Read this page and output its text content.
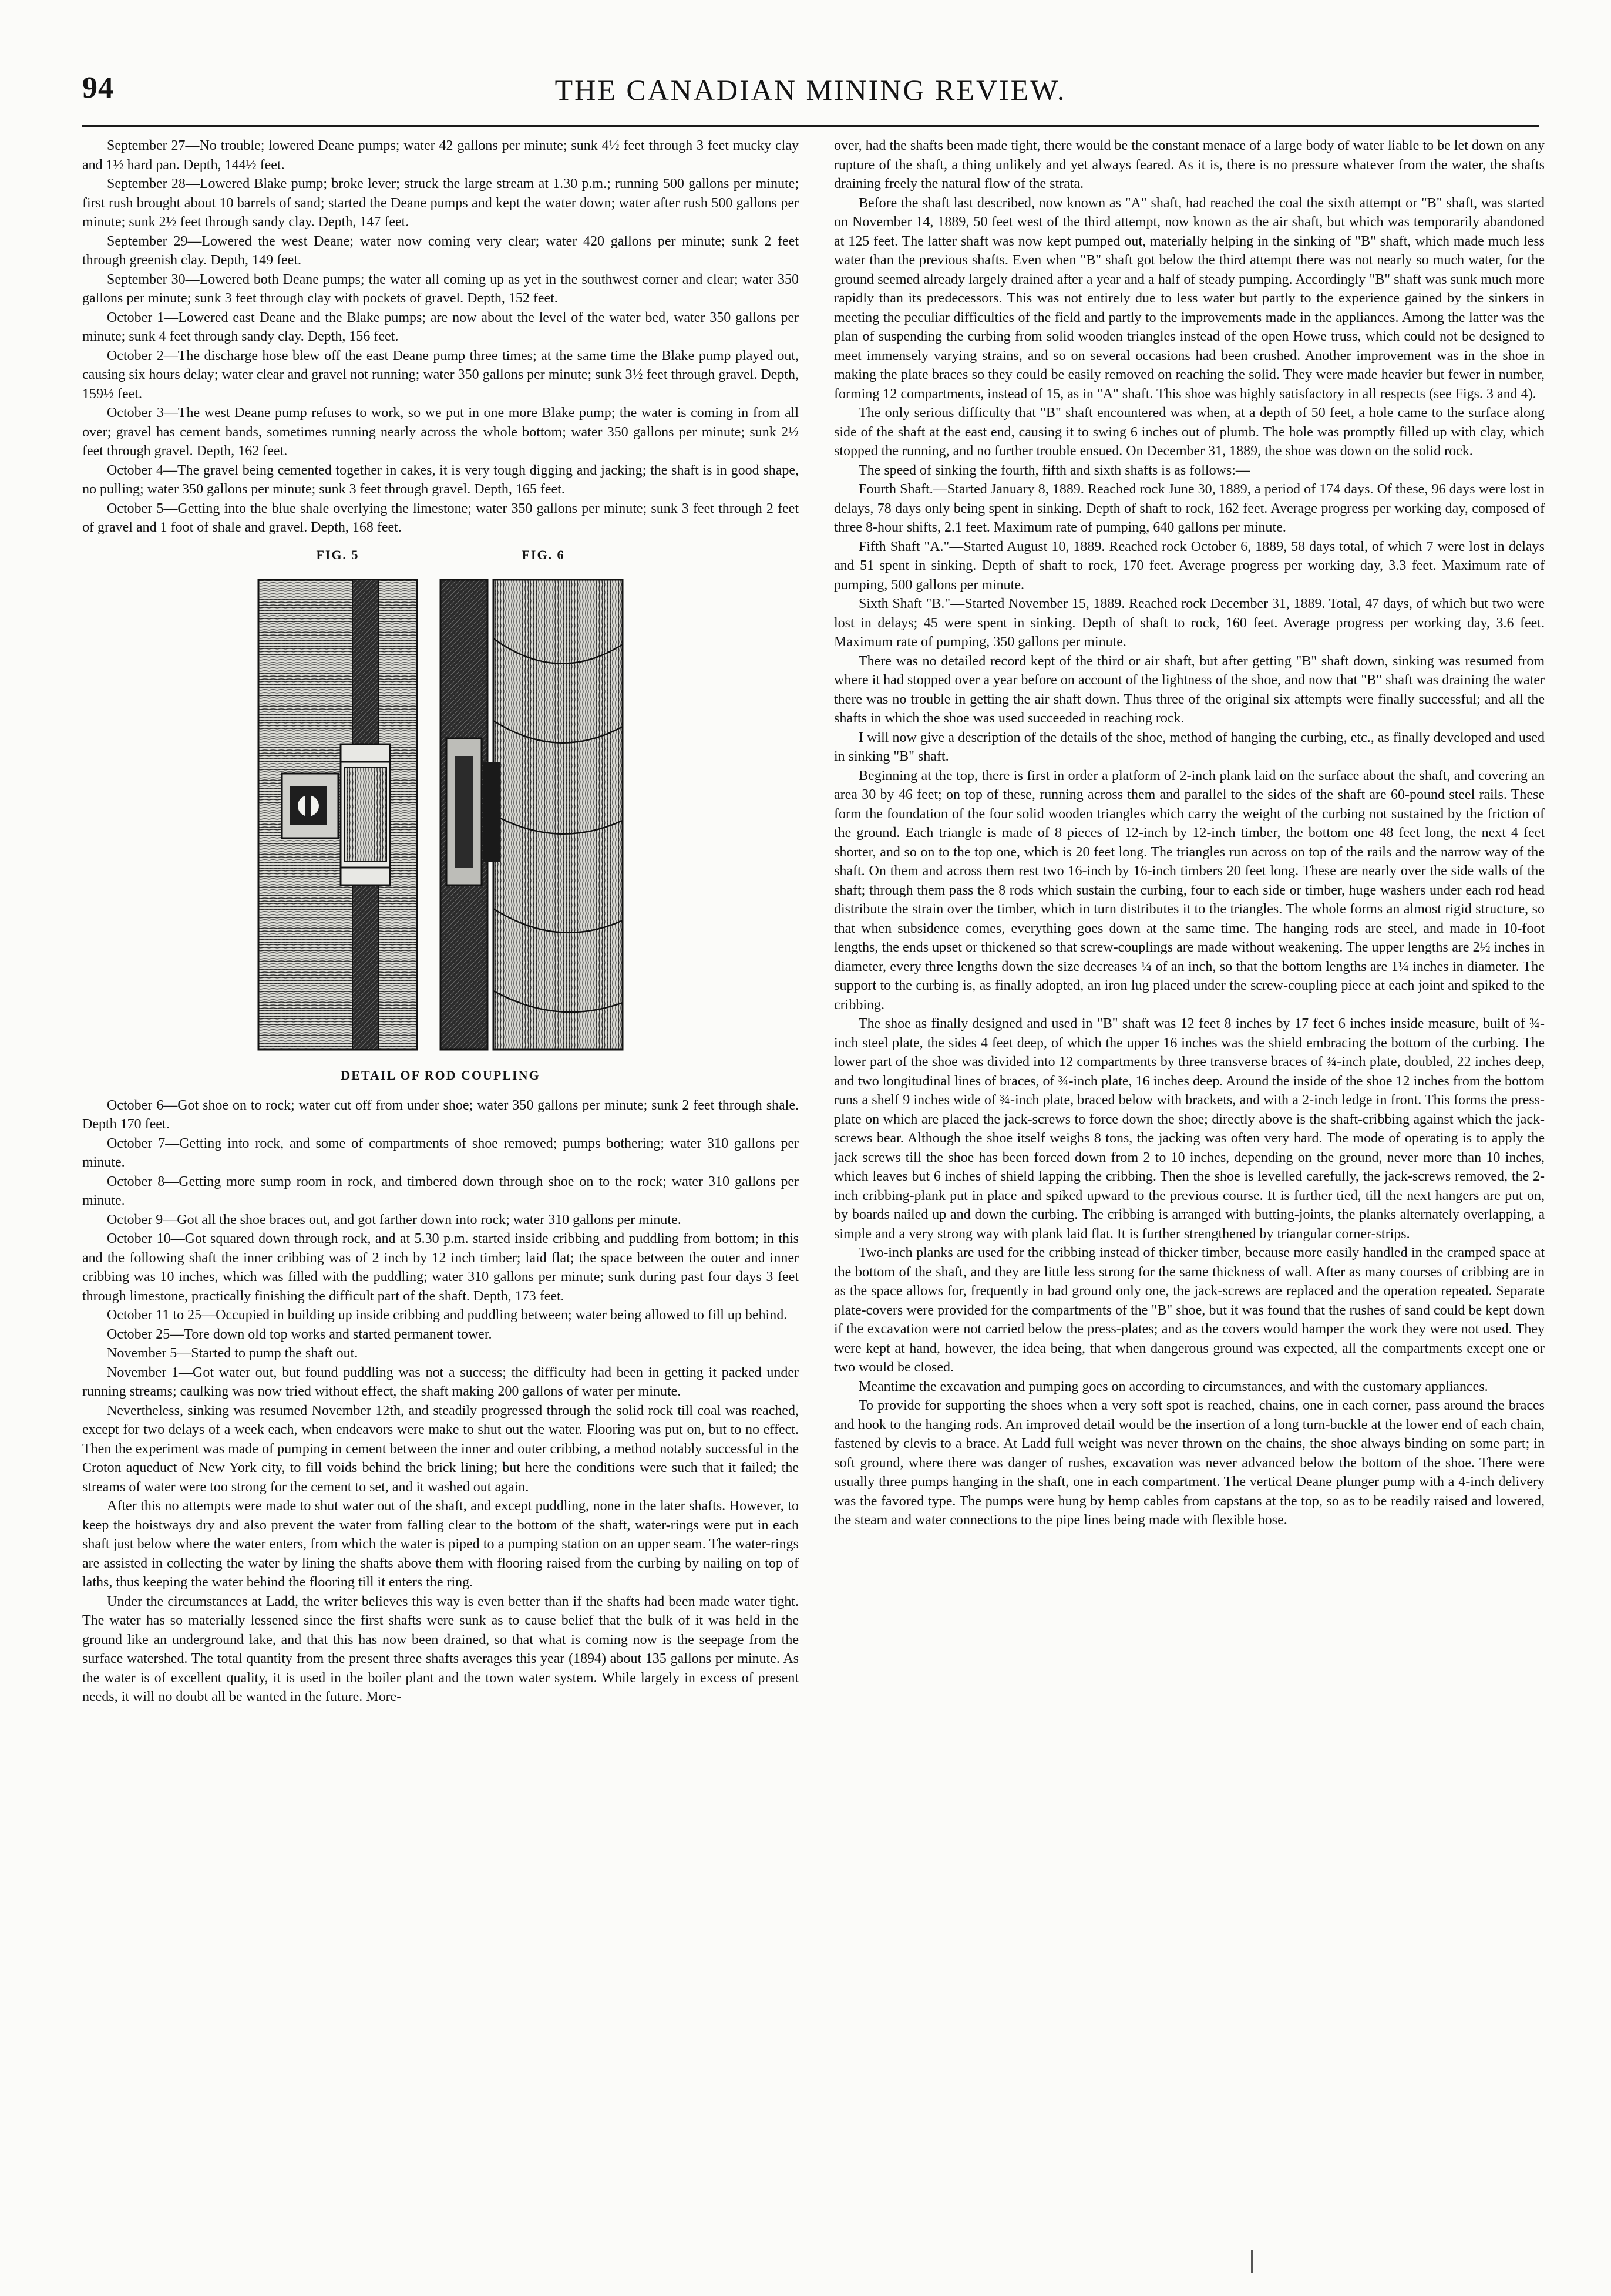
94	THE CANADIAN MINING REVIEW.

September 27—No trouble; lowered Deane pumps; water 42 gallons per minute; sunk 4½ feet through 3 feet mucky clay and 1½ hard pan. Depth, 144½ feet.

September 28—Lowered Blake pump; broke lever; struck the large stream at 1.30 p.m.; running 500 gallons per minute; first rush brought about 10 barrels of sand; started the Deane pumps and kept the water down; water after rush 500 gallons per minute; sunk 2½ feet through sandy clay. Depth, 147 feet.

September 29—Lowered the west Deane; water now coming very clear; water 420 gallons per minute; sunk 2 feet through greenish clay. Depth, 149 feet.

September 30—Lowered both Deane pumps; the water all coming up as yet in the southwest corner and clear; water 350 gallons per minute; sunk 3 feet through clay with pockets of gravel. Depth, 152 feet.

October 1—Lowered east Deane and the Blake pumps; are now about the level of the water bed, water 350 gallons per minute; sunk 4 feet through sandy clay. Depth, 156 feet.

October 2—The discharge hose blew off the east Deane pump three times; at the same time the Blake pump played out, causing six hours delay; water clear and gravel not running; water 350 gallons per minute; sunk 3½ feet through gravel. Depth, 159½ feet.

October 3—The west Deane pump refuses to work, so we put in one more Blake pump; the water is coming in from all over; gravel has cement bands, sometimes running nearly across the whole bottom; water 350 gallons per minute; sunk 2½ feet through gravel. Depth, 162 feet.

October 4—The gravel being cemented together in cakes, it is very tough digging and jacking; the shaft is in good shape, no pulling; water 350 gallons per minute; sunk 3 feet through gravel. Depth, 165 feet.

October 5—Getting into the blue shale overlying the limestone; water 350 gallons per minute; sunk 3 feet through 2 feet of gravel and 1 foot of shale and gravel. Depth, 168 feet.

FIG. 5	FIG. 6
DETAIL OF ROD COUPLING

October 6—Got shoe on to rock; water cut off from under shoe; water 350 gallons per minute; sunk 2 feet through shale. Depth 170 feet.

October 7—Getting into rock, and some of compartments of shoe removed; pumps bothering; water 310 gallons per minute.

October 8—Getting more sump room in rock, and timbered down through shoe on to the rock; water 310 gallons per minute.

October 9—Got all the shoe braces out, and got farther down into rock; water 310 gallons per minute.

October 10—Got squared down through rock, and at 5.30 p.m. started inside cribbing and puddling from bottom; in this and the following shaft the inner cribbing was of 2 inch by 12 inch timber; laid flat; the space between the outer and inner cribbing was 10 inches, which was filled with the puddling; water 310 gallons per minute; sunk during past four days 3 feet through limestone, practically finishing the difficult part of the shaft. Depth, 173 feet.

October 11 to 25—Occupied in building up inside cribbing and puddling between; water being allowed to fill up behind.

October 25—Tore down old top works and started permanent tower.

November 5—Started to pump the shaft out.

November 1—Got water out, but found puddling was not a success; the difficulty had been in getting it packed under running streams; caulking was now tried without effect, the shaft making 200 gallons of water per minute.

Nevertheless, sinking was resumed November 12th, and steadily progressed through the solid rock till coal was reached, except for two delays of a week each, when endeavors were make to shut out the water. Flooring was put on, but to no effect. Then the experiment was made of pumping in cement between the inner and outer cribbing, a method notably successful in the Croton aqueduct of New York city, to fill voids behind the brick lining; but here the conditions were such that it failed; the streams of water were too strong for the cement to set, and it washed out again.

After this no attempts were made to shut water out of the shaft, and except puddling, none in the later shafts. However, to keep the hoistways dry and also prevent the water from falling clear to the bottom of the shaft, water-rings were put in each shaft just below where the water enters, from which the water is piped to a pumping station on an upper seam. The water-rings are assisted in collecting the water by lining the shafts above them with flooring raised from the curbing by nailing on top of laths, thus keeping the water behind the flooring till it enters the ring.

Under the circumstances at Ladd, the writer believes this way is even better than if the shafts had been made water tight. The water has so materially lessened since the first shafts were sunk as to cause belief that the bulk of it was held in the ground like an underground lake, and that this has now been drained, so that what is coming now is the seepage from the surface watershed. The total quantity from the present three shafts averages this year (1894) about 135 gallons per minute. As the water is of excellent quality, it is used in the boiler plant and the town water system. While largely in excess of present needs, it will no doubt all be wanted in the future. More-

over, had the shafts been made tight, there would be the constant menace of a large body of water liable to be let down on any rupture of the shaft, a thing unlikely and yet always feared. As it is, there is no pressure whatever from the water, the shafts draining freely the natural flow of the strata.

Before the shaft last described, now known as "A" shaft, had reached the coal the sixth attempt or "B" shaft, was started on November 14, 1889, 50 feet west of the third attempt, now known as the air shaft, but which was temporarily abandoned at 125 feet. The latter shaft was now kept pumped out, materially helping in the sinking of "B" shaft, which made much less water than the previous shafts. Even when "B" shaft got below the third attempt there was not nearly so much water, for the ground seemed already largely drained after a year and a half of steady pumping. Accordingly "B" shaft was sunk much more rapidly than its predecessors. This was not entirely due to less water but partly to the experience gained by the sinkers in meeting the peculiar difficulties of the field and partly to the improvements made in the appliances. Among the latter was the plan of suspending the curbing from solid wooden triangles instead of the open Howe truss, which could not be designed to meet immensely varying strains, and so on several occasions had been crushed. Another improvement was in the shoe in making the plate braces so they could be easily removed on reaching the solid. They were made heavier but fewer in number, forming 12 compartments, instead of 15, as in "A" shaft. This shoe was highly satisfactory in all respects (see Figs. 3 and 4).

The only serious difficulty that "B" shaft encountered was when, at a depth of 50 feet, a hole came to the surface along side of the shaft at the east end, causing it to swing 6 inches out of plumb. The hole was promptly filled up with clay, which stopped the running, and no further trouble ensued. On December 31, 1889, the shoe was down on the solid rock.

The speed of sinking the fourth, fifth and sixth shafts is as follows:—

Fourth Shaft.—Started January 8, 1889. Reached rock June 30, 1889, a period of 174 days. Of these, 96 days were lost in delays, 78 days only being spent in sinking. Depth of shaft to rock, 162 feet. Average progress per working day, composed of three 8-hour shifts, 2.1 feet. Maximum rate of pumping, 640 gallons per minute.

Fifth Shaft "A."—Started August 10, 1889. Reached rock October 6, 1889, 58 days total, of which 7 were lost in delays and 51 spent in sinking. Depth of shaft to rock, 170 feet. Average progress per working day, 3.3 feet. Maximum rate of pumping, 500 gallons per minute.

Sixth Shaft "B."—Started November 15, 1889. Reached rock December 31, 1889. Total, 47 days, of which but two were lost in delays; 45 were spent in sinking. Depth of shaft to rock, 160 feet. Average progress per working day, 3.6 feet. Maximum rate of pumping, 350 gallons per minute.

There was no detailed record kept of the third or air shaft, but after getting "B" shaft down, sinking was resumed from where it had stopped over a year before on account of the lightness of the shoe, and now that "B" shaft was draining the water there was no trouble in getting the air shaft down. Thus three of the original six attempts were finally successful; and all the shafts in which the shoe was used succeeded in reaching rock.

I will now give a description of the details of the shoe, method of hanging the curbing, etc., as finally developed and used in sinking "B" shaft.

Beginning at the top, there is first in order a platform of 2-inch plank laid on the surface about the shaft, and covering an area 30 by 46 feet; on top of these, running across them and parallel to the sides of the shaft are 60-pound steel rails. These form the foundation of the four solid wooden triangles which carry the weight of the curbing not sustained by the friction of the ground. Each triangle is made of 8 pieces of 12-inch by 12-inch timber, the bottom one 48 feet long, the next 4 feet shorter, and so on to the top one, which is 20 feet long. The triangles run across on top of the rails and the narrow way of the shaft. On them and across them rest two 16-inch by 16-inch timbers 20 feet long. These are nearly over the side walls of the shaft; through them pass the 8 rods which sustain the curbing, four to each side or timber, huge washers under each rod head distribute the strain over the timber, which in turn distributes it to the triangles. The whole forms an almost rigid structure, so that when subsidence comes, everything goes down at the same time. The hanging rods are steel, and made in 10-foot lengths, the ends upset or thickened so that screw-couplings are made without weakening. The upper lengths are 2½ inches in diameter, every three lengths down the size decreases ¼ of an inch, so that the bottom lengths are 1¼ inches in diameter. The support to the curbing is, as finally adopted, an iron lug placed under the screw-coupling piece at each joint and spiked to the cribbing.

The shoe as finally designed and used in "B" shaft was 12 feet 8 inches by 17 feet 6 inches inside measure, built of ¾-inch steel plate, the sides 4 feet deep, of which the upper 16 inches was the shield embracing the bottom of the curbing. The lower part of the shoe was divided into 12 compartments by three transverse braces of ¾-inch plate, doubled, 22 inches deep, and two longitudinal lines of braces, of ¾-inch plate, 16 inches deep. Around the inside of the shoe 12 inches from the bottom runs a shelf 9 inches wide of ¾-inch plate, braced below with brackets, and with a 2-inch ledge in front. This forms the press-plate on which are placed the jack-screws to force down the shoe; directly above is the shaft-cribbing against which the jack-screws bear. Although the shoe itself weighs 8 tons, the jacking was often very hard. The mode of operating is to apply the jack screws till the shoe has been forced down from 2 to 10 inches, depending on the ground, never more than 10 inches, which leaves but 6 inches of shield lapping the cribbing. Then the shoe is levelled carefully, the jack-screws removed, the 2-inch cribbing-plank put in place and spiked upward to the previous course. It is further tied, till the next hangers are put on, by boards nailed up and down the curbing. The cribbing is arranged with butting-joints, the planks alternately overlapping, a simple and a very strong way with plank laid flat. It is further strengthened by triangular corner-strips.

Two-inch planks are used for the cribbing instead of thicker timber, because more easily handled in the cramped space at the bottom of the shaft, and they are little less strong for the same thickness of wall. After as many courses of cribbing are in as the space allows for, frequently in bad ground only one, the jack-screws are replaced and the operation repeated. Separate plate-covers were provided for the compartments of the "B" shoe, but it was found that the rushes of sand could be kept down if the excavation were not carried below the press-plates; and as the covers would hamper the work they were not used. They were kept at hand, however, the idea being, that when dangerous ground was expected, all the compartments except one or two would be closed.

Meantime the excavation and pumping goes on according to circumstances, and with the customary appliances.

To provide for supporting the shoes when a very soft spot is reached, chains, one in each corner, pass around the braces and hook to the hanging rods. An improved detail would be the insertion of a long turn-buckle at the lower end of each chain, fastened by clevis to a brace. At Ladd full weight was never thrown on the chains, the shoe always binding on some part; in soft ground, where there was danger of rushes, excavation was never advanced below the bottom of the shoe. There were usually three pumps hanging in the shaft, one in each compartment. The vertical Deane plunger pump with a 4-inch delivery was the favored type. The pumps were hung by hemp cables from capstans at the top, so as to be readily raised and lowered, the steam and water connections to the pipe lines being made with flexible hose.
